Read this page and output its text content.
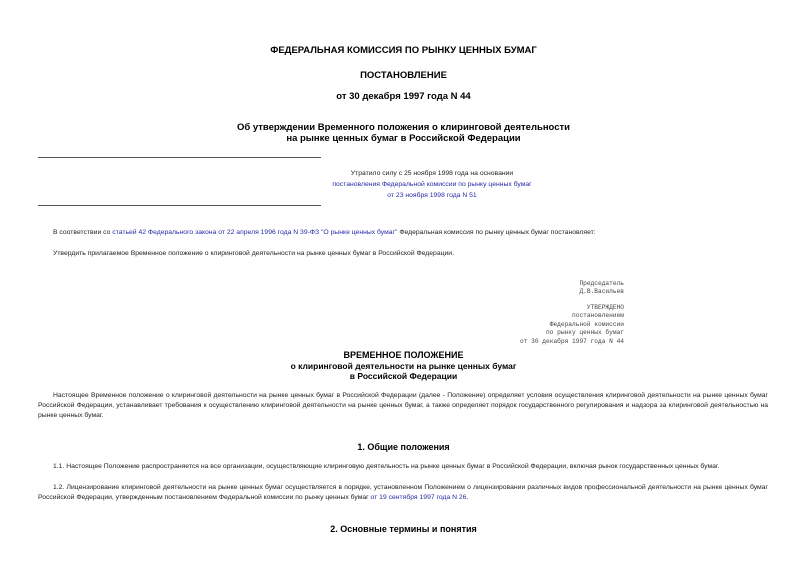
ФЕДЕРАЛЬНАЯ КОМИССИЯ ПО РЫНКУ ЦЕННЫХ БУМАГ
ПОСТАНОВЛЕНИЕ
от 30 декабря 1997 года N 44
Об утверждении Временного положения о клиринговой деятельности
на рынке ценных бумаг в Российской Федерации
Утратило силу с 25 ноября 1998 года на основании
постановления Федеральной комиссии по рынку ценных бумаг
от 23 ноября 1998 года N 51
В соответствии со статьей 42 Федерального закона от 22 апреля 1996 года N 39-ФЗ "О рынке ценных бумаг" Федеральная комиссия по рынку ценных бумаг постановляет:
Утвердить прилагаемое Временное положение о клиринговой деятельности на рынке ценных бумаг в Российской Федерации.
Председатель
Д.В.Васильев
УТВЕРЖДЕНО
постановлением
Федеральной комиссии
по рынку ценных бумаг
от 30 декабря 1997 года N 44
ВРЕМЕННОЕ ПОЛОЖЕНИЕ
о клиринговой деятельности на рынке ценных бумаг
в Российской Федерации
Настоящее Временное положение о клиринговой деятельности на рынке ценных бумаг в Российской Федерации (далее - Положение) определяет условия осуществления клиринговой деятельности на рынке ценных бумаг Российской Федерации, устанавливает требования к осуществлению клиринговой деятельности на рынке ценных бумаг, а также определяет порядок государственного регулирования и надзора за клиринговой деятельностью на рынке ценных бумаг.
1. Общие положения
1.1. Настоящее Положение распространяется на все организации, осуществляющие клиринговую деятельность на рынке ценных бумаг в Российской Федерации, включая рынок государственных ценных бумаг.
1.2. Лицензирование клиринговой деятельности на рынке ценных бумаг осуществляется в порядке, установленном Положением о лицензировании различных видов профессиональной деятельности на рынке ценных бумаг Российской Федерации, утвержденным постановлением Федеральной комиссии по рынку ценных бумаг от 19 сентября 1997 года N 26.
2. Основные термины и понятия
